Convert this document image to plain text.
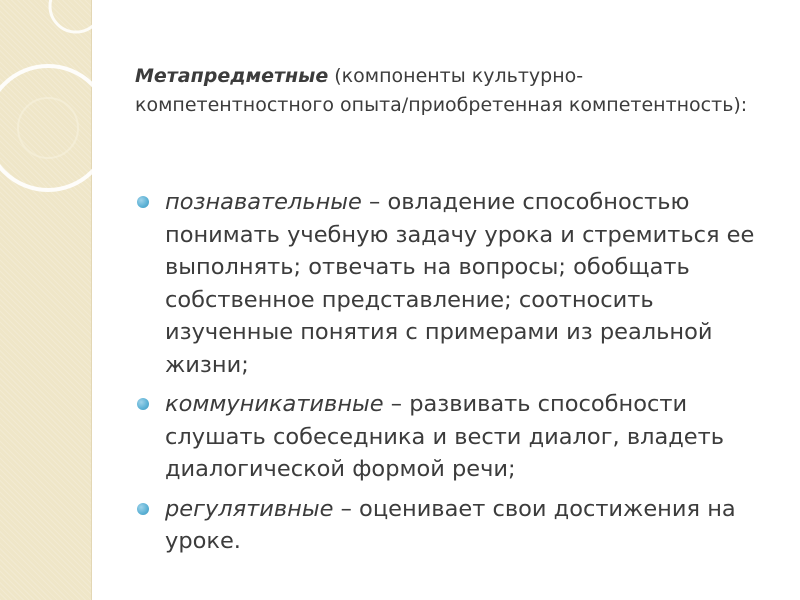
Метапредметные (компоненты культурно-компетентностного опыта/приобретенная компетентность):
познавательные – овладение способностью понимать учебную задачу урока и стремиться ее выполнять; отвечать на вопросы; обобщать собственное представление; соотносить изученные понятия с примерами из реальной жизни;
коммуникативные – развивать способности слушать собеседника и вести диалог, владеть диалогической формой речи;
регулятивные – оценивает свои достижения на уроке.
